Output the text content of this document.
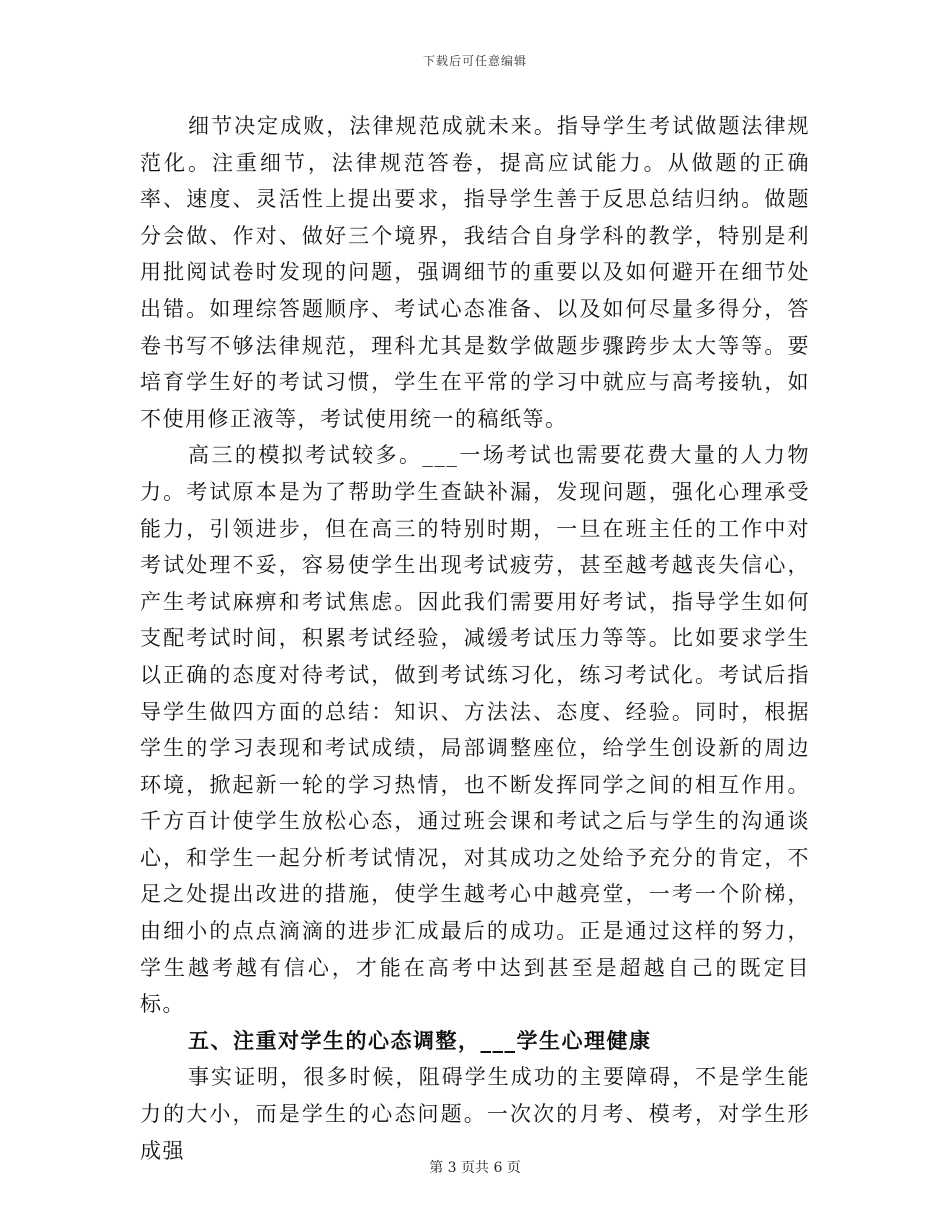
下载后可任意编辑

细节决定成败，法律规范成就未来。指导学生考试做题法律规范化。注重细节，法律规范答卷，提高应试能力。从做题的正确率、速度、灵活性上提出要求，指导学生善于反思总结归纳。做题分会做、作对、做好三个境界，我结合自身学科的教学，特别是利用批阅试卷时发现的问题，强调细节的重要以及如何避开在细节处出错。如理综答题顺序、考试心态准备、以及如何尽量多得分，答卷书写不够法律规范，理科尤其是数学做题步骤跨步太大等等。要培育学生好的考试习惯，学生在平常的学习中就应与高考接轨，如不使用修正液等，考试使用统一的稿纸等。

高三的模拟考试较多。___一场考试也需要花费大量的人力物力。考试原本是为了帮助学生查缺补漏，发现问题，强化心理承受能力，引领进步，但在高三的特别时期，一旦在班主任的工作中对考试处理不妥，容易使学生出现考试疲劳，甚至越考越丧失信心，产生考试麻痹和考试焦虑。因此我们需要用好考试，指导学生如何支配考试时间，积累考试经验，减缓考试压力等等。比如要求学生以正确的态度对待考试，做到考试练习化，练习考试化。考试后指导学生做四方面的总结：知识、方法法、态度、经验。同时，根据学生的学习表现和考试成绩，局部调整座位，给学生创设新的周边环境，掀起新一轮的学习热情，也不断发挥同学之间的相互作用。千方百计使学生放松心态，通过班会课和考试之后与学生的沟通谈心，和学生一起分析考试情况，对其成功之处给予充分的肯定，不足之处提出改进的措施，使学生越考心中越亮堂，一考一个阶梯，由细小的点点滴滴的进步汇成最后的成功。正是通过这样的努力，学生越考越有信心，才能在高考中达到甚至是超越自己的既定目标。

五、注重对学生的心态调整，___学生心理健康

事实证明，很多时候，阻碍学生成功的主要障碍，不是学生能力的大小，而是学生的心态问题。一次次的月考、模考，对学生形成强

第 3 页共 6 页
